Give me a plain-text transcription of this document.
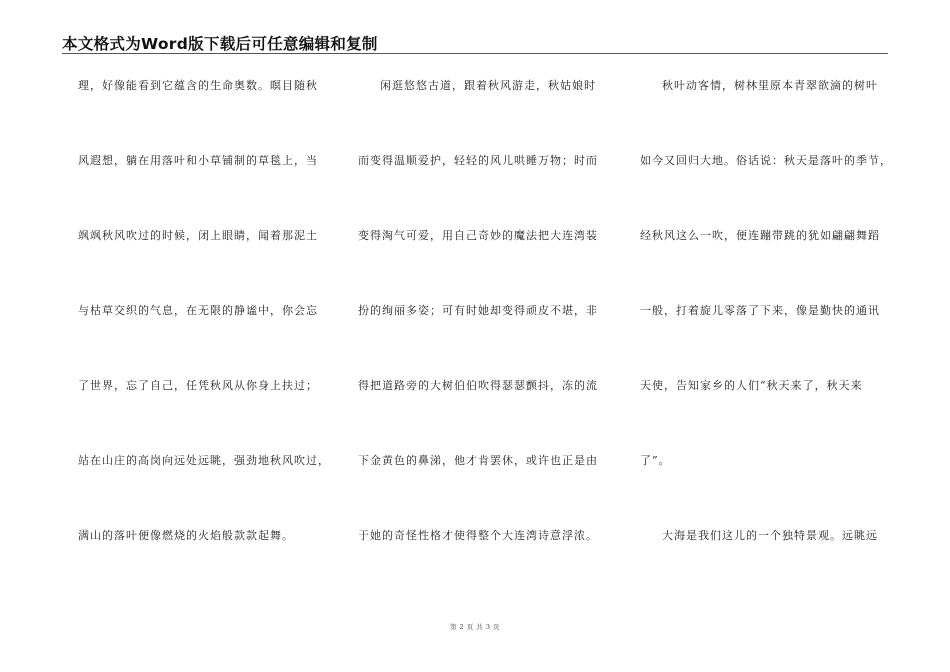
本文格式为Word版下载后可任意编辑和复制
理，好像能看到它蕴含的生命奥数。暝目随秋
风遐想，躺在用落叶和小草铺制的草毯上，当
飒飒秋风吹过的时候，闭上眼睛，闻着那泥土
与枯草交织的气息，在无限的静谧中，你会忘
了世界，忘了自己，任凭秋风从你身上扶过；
站在山庄的高岗向远处远眺，强劲地秋风吹过，
满山的落叶便像燃烧的火焰般款款起舞。
闲逛悠悠古道，跟着秋风游走，秋姑娘时
而变得温顺爱护，轻轻的风儿哄睡万物；时而
变得淘气可爱，用自己奇妙的魔法把大连湾装
扮的绚丽多姿；可有时她却变得顽皮不堪，非
得把道路旁的大树伯伯吹得瑟瑟颤抖，冻的流
下金黄色的鼻涕，他才肯罢休，或许也正是由
于她的奇怪性格才使得整个大连湾诗意浮浓。
秋叶动客情，树林里原本青翠欲滴的树叶
如今又回归大地。俗话说：秋天是落叶的季节，
经秋风这么一吹，便连蹦带跳的犹如翩翩舞蹈
一般，打着旋儿零落了下来，像是勤快的通讯
天使，告知家乡的人们“秋天来了，秋天来
了”。
大海是我们这儿的一个独特景观。远眺远
第 2 页 共 3 页
